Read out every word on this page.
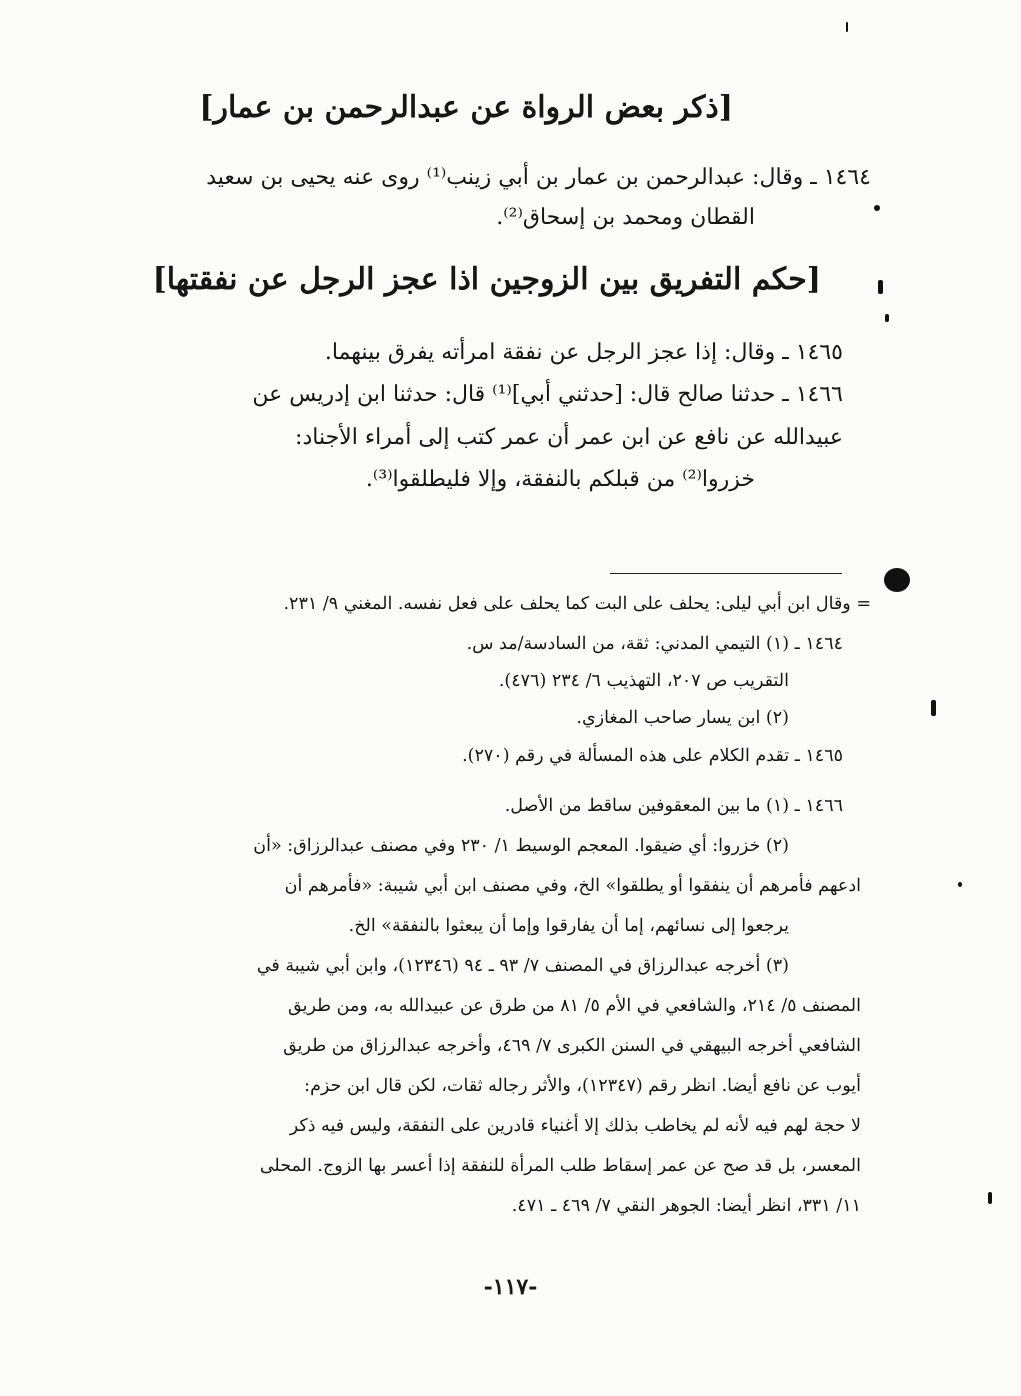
[ذكر بعض الرواة عن عبدالرحمن بن عمار]
١٤٦٤ ـ وقال: عبدالرحمن بن عمار بن أبي زينب⁽¹⁾ روى عنه يحيى بن سعيد
القطان ومحمد بن إسحاق⁽²⁾.
[حكم التفريق بين الزوجين اذا عجز الرجل عن نفقتها]
١٤٦٥ ـ وقال: إذا عجز الرجل عن نفقة امرأته يفرق بينهما.
١٤٦٦ ـ حدثنا صالح قال: [حدثني أبي]⁽¹⁾ قال: حدثنا ابن إدريس عن
عبيدالله عن نافع عن ابن عمر أن عمر كتب إلى أمراء الأجناد:
خزروا⁽²⁾ من قبلكم بالنفقة، وإلا فليطلقوا⁽³⁾.
= وقال ابن أبي ليلى: يحلف على البت كما يحلف على فعل نفسه. المغني ٩/ ٢٣١.
١٤٦٤ ـ (١) التيمي المدني: ثقة، من السادسة/مد س.
التقريب ص ٢٠٧، التهذيب ٦/ ٢٣٤ (٤٧٦).
(٢) ابن يسار صاحب المغازي.
١٤٦٥ ـ تقدم الكلام على هذه المسألة في رقم (٢٧٠).
١٤٦٦ ـ (١) ما بين المعقوفين ساقط من الأصل.
(٢) خزروا: أي ضيقوا. المعجم الوسيط ١/ ٢٣٠ وفي مصنف عبدالرزاق: «أن
ادعهم فأمرهم أن ينفقوا أو يطلقوا» الخ، وفي مصنف ابن أبي شيبة: «فأمرهم أن
يرجعوا إلى نسائهم، إما أن يفارقوا وإما أن يبعثوا بالنفقة» الخ.
(٣) أخرجه عبدالرزاق في المصنف ٧/ ٩٣ ـ ٩٤ (١٢٣٤٦)، وابن أبي شيبة في
المصنف ٥/ ٢١٤، والشافعي في الأم ٥/ ٨١ من طرق عن عبيدالله به، ومن طريق
الشافعي أخرجه البيهقي في السنن الكبرى ٧/ ٤٦٩، وأخرجه عبدالرزاق من طريق
أيوب عن نافع أيضا. انظر رقم (١٢٣٤٧)، والأثر رجاله ثقات، لكن قال ابن حزم:
لا حجة لهم فيه لأنه لم يخاطب بذلك إلا أغنياء قادرين على النفقة، وليس فيه ذكر
المعسر، بل قد صح عن عمر إسقاط طلب المرأة للنفقة إذا أعسر بها الزوج. المحلى
١١/ ٣٣١، انظر أيضا: الجوهر النقي ٧/ ٤٦٩ ـ ٤٧١.
-١١٧-
